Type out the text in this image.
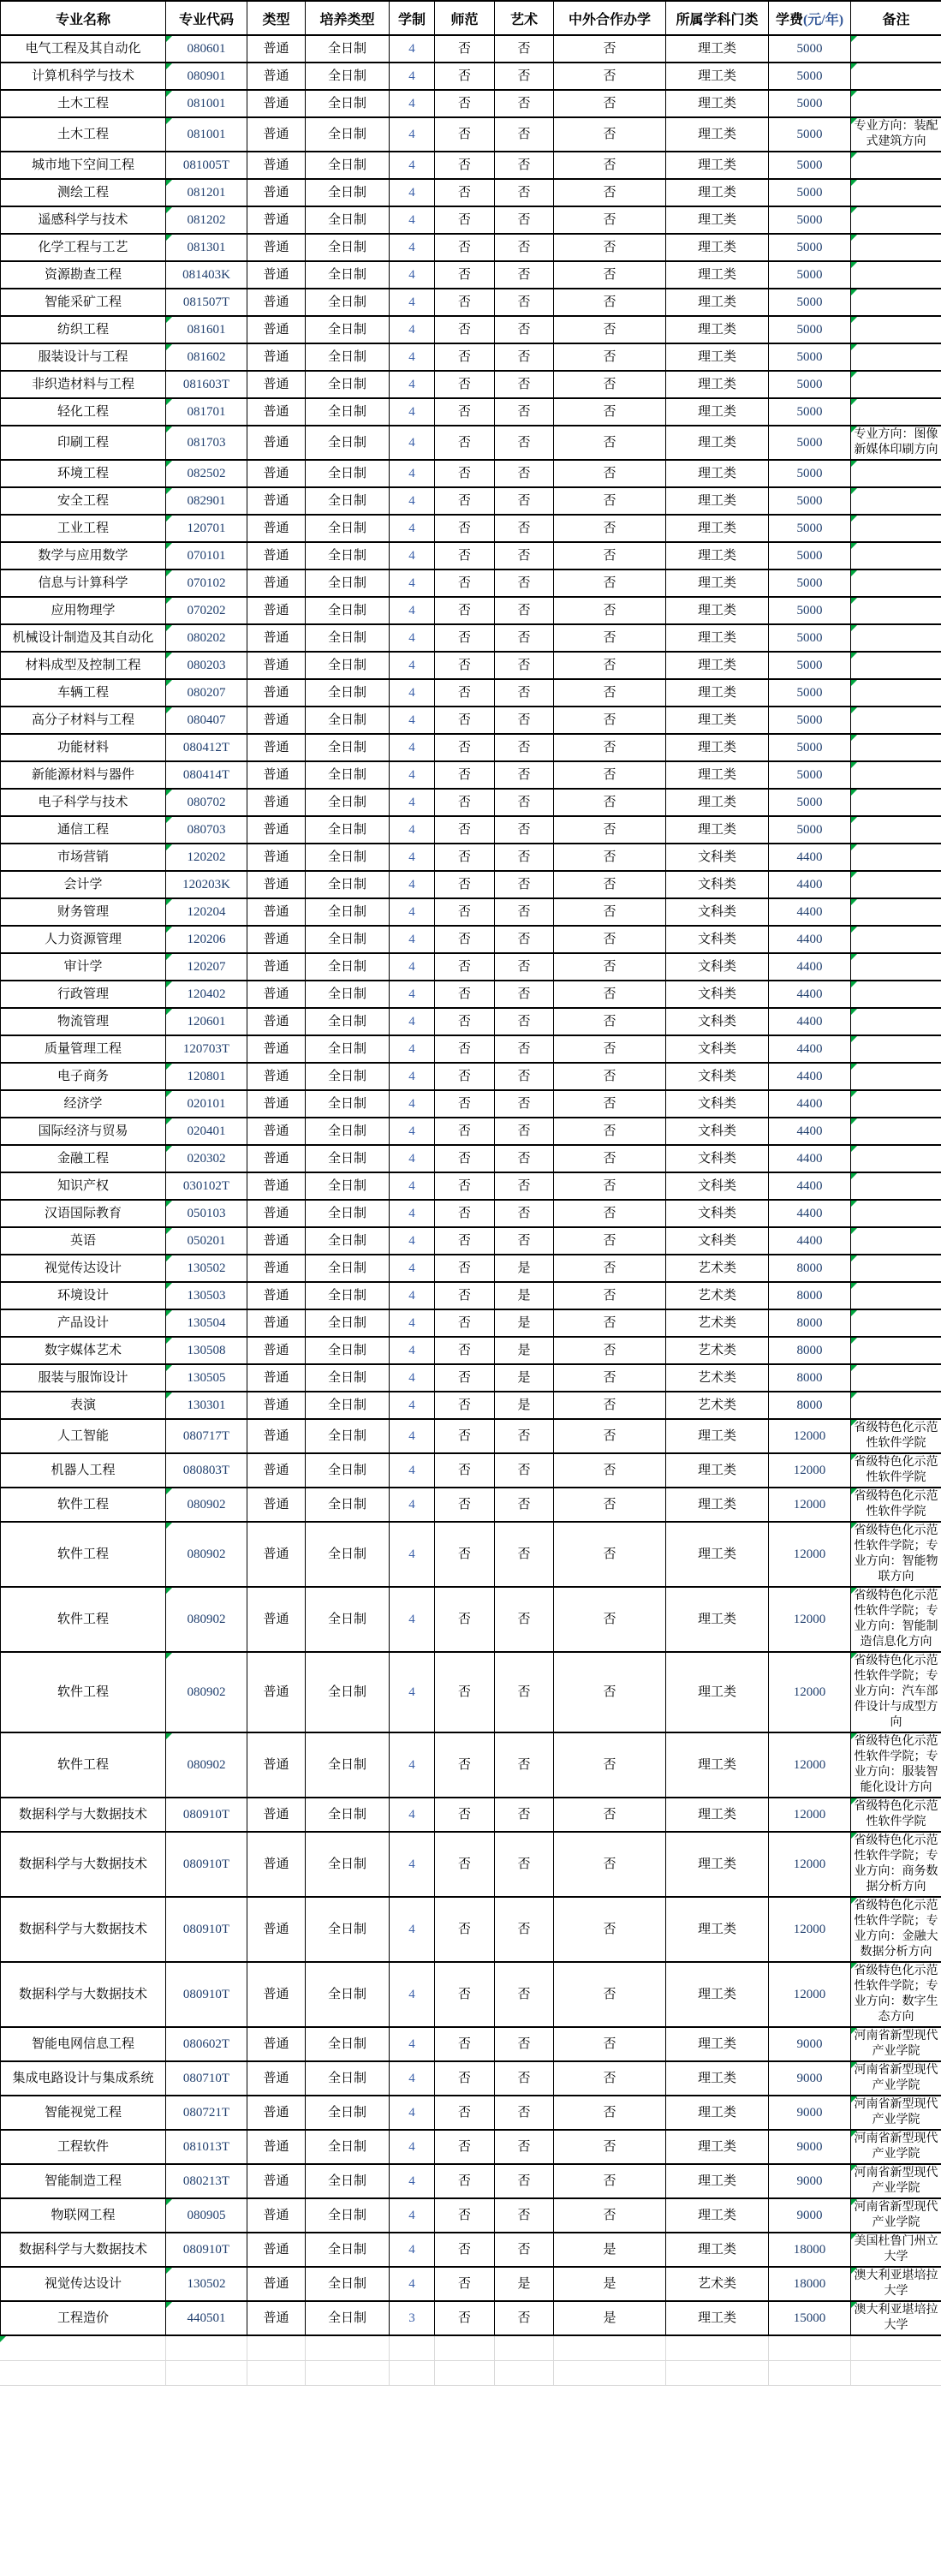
专业名称	专业代码	类型	培养类型	学制	师范	艺术	中外合作办学	所属学科门类	学费(元/年)	备注
电气工程及其自动化	080601	普通	全日制	4	否	否	否	理工类	5000	

计算机科学与技术	080901	普通	全日制	4	否	否	否	理工类	5000	

土木工程	081001	普通	全日制	4	否	否	否	理工类	5000	

土木工程	081001	普通	全日制	4	否	否	否	理工类	5000	专业方向：装配式建筑方向

城市地下空间工程	081005T	普通	全日制	4	否	否	否	理工类	5000	

测绘工程	081201	普通	全日制	4	否	否	否	理工类	5000	

遥感科学与技术	081202	普通	全日制	4	否	否	否	理工类	5000	

化学工程与工艺	081301	普通	全日制	4	否	否	否	理工类	5000	

资源勘查工程	081403K	普通	全日制	4	否	否	否	理工类	5000	

智能采矿工程	081507T	普通	全日制	4	否	否	否	理工类	5000	

纺织工程	081601	普通	全日制	4	否	否	否	理工类	5000	

服装设计与工程	081602	普通	全日制	4	否	否	否	理工类	5000	

非织造材料与工程	081603T	普通	全日制	4	否	否	否	理工类	5000	

轻化工程	081701	普通	全日制	4	否	否	否	理工类	5000	

印刷工程	081703	普通	全日制	4	否	否	否	理工类	5000	专业方向：图像新媒体印刷方向

环境工程	082502	普通	全日制	4	否	否	否	理工类	5000	

安全工程	082901	普通	全日制	4	否	否	否	理工类	5000	

工业工程	120701	普通	全日制	4	否	否	否	理工类	5000	

数学与应用数学	070101	普通	全日制	4	否	否	否	理工类	5000	

信息与计算科学	070102	普通	全日制	4	否	否	否	理工类	5000	

应用物理学	070202	普通	全日制	4	否	否	否	理工类	5000	

机械设计制造及其自动化	080202	普通	全日制	4	否	否	否	理工类	5000	

材料成型及控制工程	080203	普通	全日制	4	否	否	否	理工类	5000	

车辆工程	080207	普通	全日制	4	否	否	否	理工类	5000	

高分子材料与工程	080407	普通	全日制	4	否	否	否	理工类	5000	

功能材料	080412T	普通	全日制	4	否	否	否	理工类	5000	

新能源材料与器件	080414T	普通	全日制	4	否	否	否	理工类	5000	

电子科学与技术	080702	普通	全日制	4	否	否	否	理工类	5000	

通信工程	080703	普通	全日制	4	否	否	否	理工类	5000	

市场营销	120202	普通	全日制	4	否	否	否	文科类	4400	

会计学	120203K	普通	全日制	4	否	否	否	文科类	4400	

财务管理	120204	普通	全日制	4	否	否	否	文科类	4400	

人力资源管理	120206	普通	全日制	4	否	否	否	文科类	4400	

审计学	120207	普通	全日制	4	否	否	否	文科类	4400	

行政管理	120402	普通	全日制	4	否	否	否	文科类	4400	

物流管理	120601	普通	全日制	4	否	否	否	文科类	4400	

质量管理工程	120703T	普通	全日制	4	否	否	否	文科类	4400	

电子商务	120801	普通	全日制	4	否	否	否	文科类	4400	

经济学	020101	普通	全日制	4	否	否	否	文科类	4400	

国际经济与贸易	020401	普通	全日制	4	否	否	否	文科类	4400	

金融工程	020302	普通	全日制	4	否	否	否	文科类	4400	

知识产权	030102T	普通	全日制	4	否	否	否	文科类	4400	

汉语国际教育	050103	普通	全日制	4	否	否	否	文科类	4400	

英语	050201	普通	全日制	4	否	否	否	文科类	4400	

视觉传达设计	130502	普通	全日制	4	否	是	否	艺术类	8000	

环境设计	130503	普通	全日制	4	否	是	否	艺术类	8000	

产品设计	130504	普通	全日制	4	否	是	否	艺术类	8000	

数字媒体艺术	130508	普通	全日制	4	否	是	否	艺术类	8000	

服装与服饰设计	130505	普通	全日制	4	否	是	否	艺术类	8000	

表演	130301	普通	全日制	4	否	是	否	艺术类	8000	

人工智能	080717T	普通	全日制	4	否	否	否	理工类	12000	省级特色化示范性软件学院

机器人工程	080803T	普通	全日制	4	否	否	否	理工类	12000	省级特色化示范性软件学院

软件工程	080902	普通	全日制	4	否	否	否	理工类	12000	省级特色化示范性软件学院

软件工程	080902	普通	全日制	4	否	否	否	理工类	12000	省级特色化示范性软件学院；专业方向：智能物联方向

软件工程	080902	普通	全日制	4	否	否	否	理工类	12000	省级特色化示范性软件学院；专业方向：智能制造信息化方向

软件工程	080902	普通	全日制	4	否	否	否	理工类	12000	省级特色化示范性软件学院；专业方向：汽车部件设计与成型方向

软件工程	080902	普通	全日制	4	否	否	否	理工类	12000	省级特色化示范性软件学院；专业方向：服装智能化设计方向

数据科学与大数据技术	080910T	普通	全日制	4	否	否	否	理工类	12000	省级特色化示范性软件学院

数据科学与大数据技术	080910T	普通	全日制	4	否	否	否	理工类	12000	省级特色化示范性软件学院；专业方向：商务数据分析方向

数据科学与大数据技术	080910T	普通	全日制	4	否	否	否	理工类	12000	省级特色化示范性软件学院；专业方向：金融大数据分析方向

数据科学与大数据技术	080910T	普通	全日制	4	否	否	否	理工类	12000	省级特色化示范性软件学院；专业方向：数字生态方向

智能电网信息工程	080602T	普通	全日制	4	否	否	否	理工类	9000	河南省新型现代产业学院

集成电路设计与集成系统	080710T	普通	全日制	4	否	否	否	理工类	9000	河南省新型现代产业学院

智能视觉工程	080721T	普通	全日制	4	否	否	否	理工类	9000	河南省新型现代产业学院

工程软件	081013T	普通	全日制	4	否	否	否	理工类	9000	河南省新型现代产业学院

智能制造工程	080213T	普通	全日制	4	否	否	否	理工类	9000	河南省新型现代产业学院

物联网工程	080905	普通	全日制	4	否	否	否	理工类	9000	河南省新型现代产业学院

数据科学与大数据技术	080910T	普通	全日制	4	否	否	是	理工类	18000	美国杜鲁门州立大学

视觉传达设计	130502	普通	全日制	4	否	是	是	艺术类	18000	澳大利亚堪培拉大学

工程造价	440501	普通	全日制	3	否	否	是	理工类	15000	澳大利亚堪培拉大学
